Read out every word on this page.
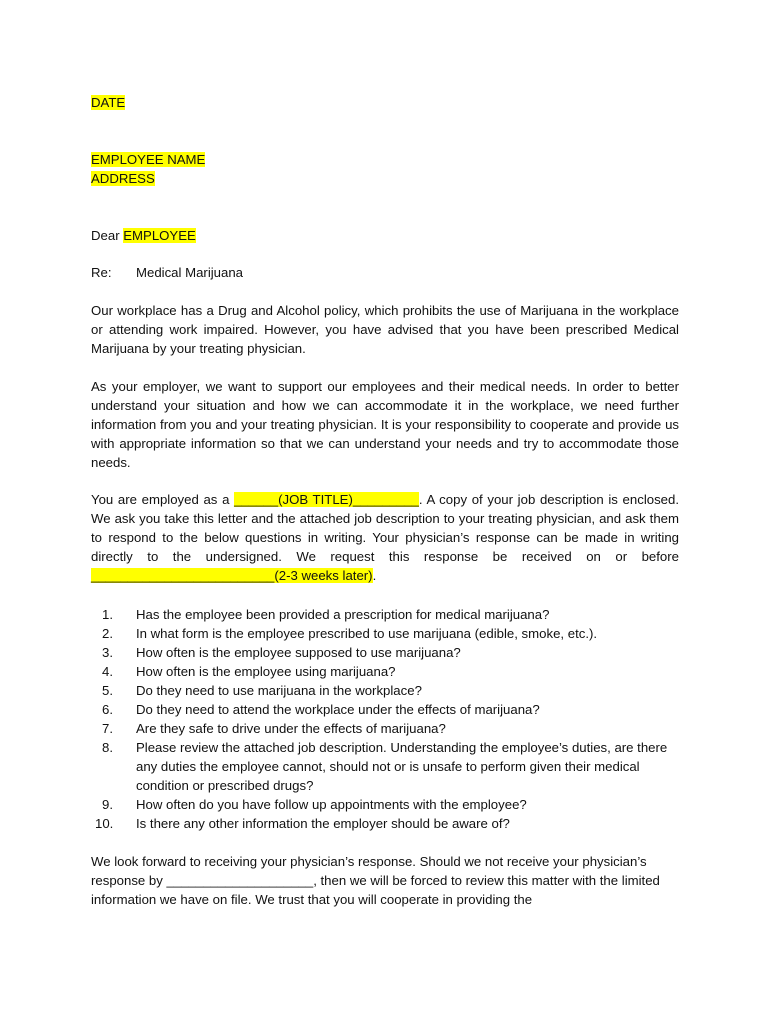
DATE
EMPLOYEE NAME
ADDRESS
Dear EMPLOYEE
Re: Medical Marijuana
Our workplace has a Drug and Alcohol policy, which prohibits the use of Marijuana in the workplace or attending work impaired. However, you have advised that you have been prescribed Medical Marijuana by your treating physician.
As your employer, we want to support our employees and their medical needs. In order to better understand your situation and how we can accommodate it in the workplace, we need further information from you and your treating physician. It is your responsibility to cooperate and provide us with appropriate information so that we can understand your needs and try to accommodate those needs.
You are employed as a ______(JOB TITLE)_________. A copy of your job description is enclosed. We ask you take this letter and the attached job description to your treating physician, and ask them to respond to the below questions in writing. Your physician’s response can be made in writing directly to the undersigned. We request this response be received on or before _________________________(2-3 weeks later).
1. Has the employee been provided a prescription for medical marijuana?
2. In what form is the employee prescribed to use marijuana (edible, smoke, etc.).
3. How often is the employee supposed to use marijuana?
4. How often is the employee using marijuana?
5. Do they need to use marijuana in the workplace?
6. Do they need to attend the workplace under the effects of marijuana?
7. Are they safe to drive under the effects of marijuana?
8. Please review the attached job description. Understanding the employee’s duties, are there any duties the employee cannot, should not or is unsafe to perform given their medical condition or prescribed drugs?
9. How often do you have follow up appointments with the employee?
10. Is there any other information the employer should be aware of?
We look forward to receiving your physician’s response. Should we not receive your physician’s response by ____________________, then we will be forced to review this matter with the limited information we have on file. We trust that you will cooperate in providing the
